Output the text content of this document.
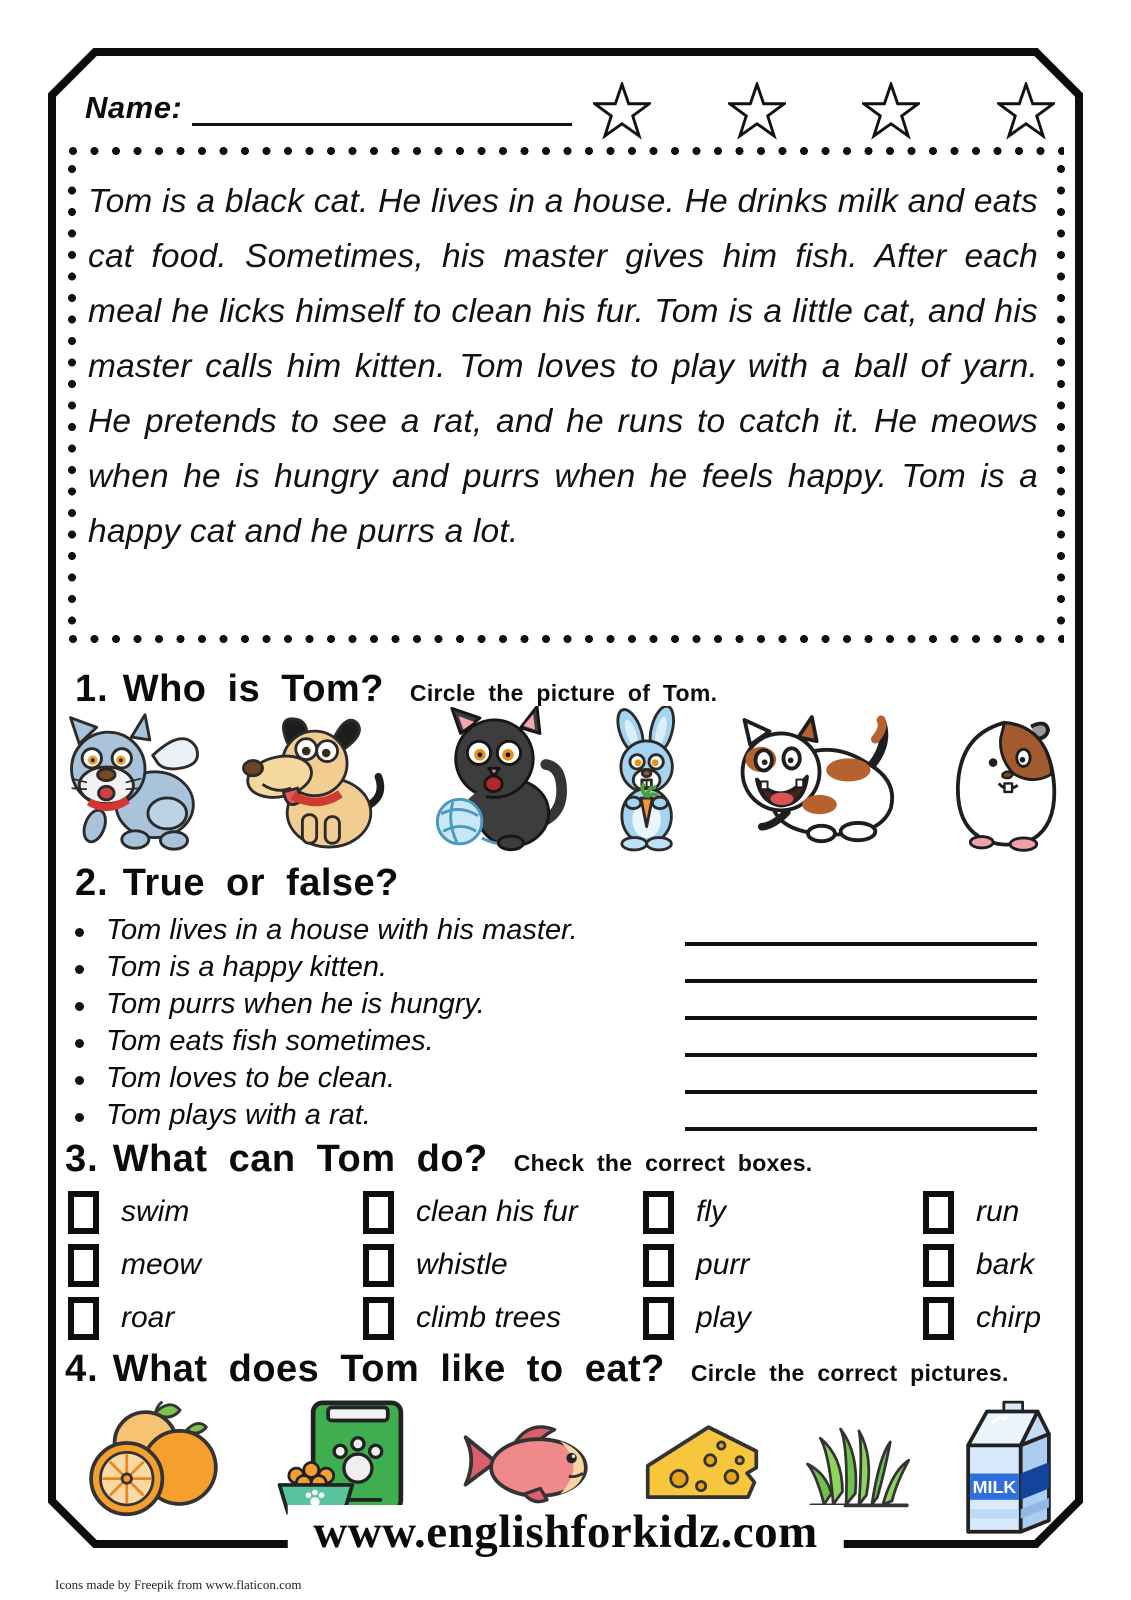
Name:

Tom is a black cat. He lives in a house. He drinks milk and eats cat food. Sometimes, his master gives him fish. After each meal he licks himself to clean his fur. Tom is a little cat, and his master calls him kitten. Tom loves to play with a ball of yarn. He pretends to see a rat, and he runs to catch it. He meows when he is hungry and purrs when he feels happy. Tom is a happy cat and he purrs a lot.

1. Who is Tom? Circle the picture of Tom.
2. True or false?
Tom lives in a house with his master.
Tom is a happy kitten.
Tom purrs when he is hungry.
Tom eats fish sometimes.
Tom loves to be clean.
Tom plays with a rat.
3. What can Tom do? Check the correct boxes.
swim	clean his fur	fly	run
meow	whistle	purr	bark
roar	climb trees	play	chirp
4. What does Tom like to eat? Circle the correct pictures.
MILK
www.englishforkidz.com
Icons made by Freepik from www.flaticon.com
